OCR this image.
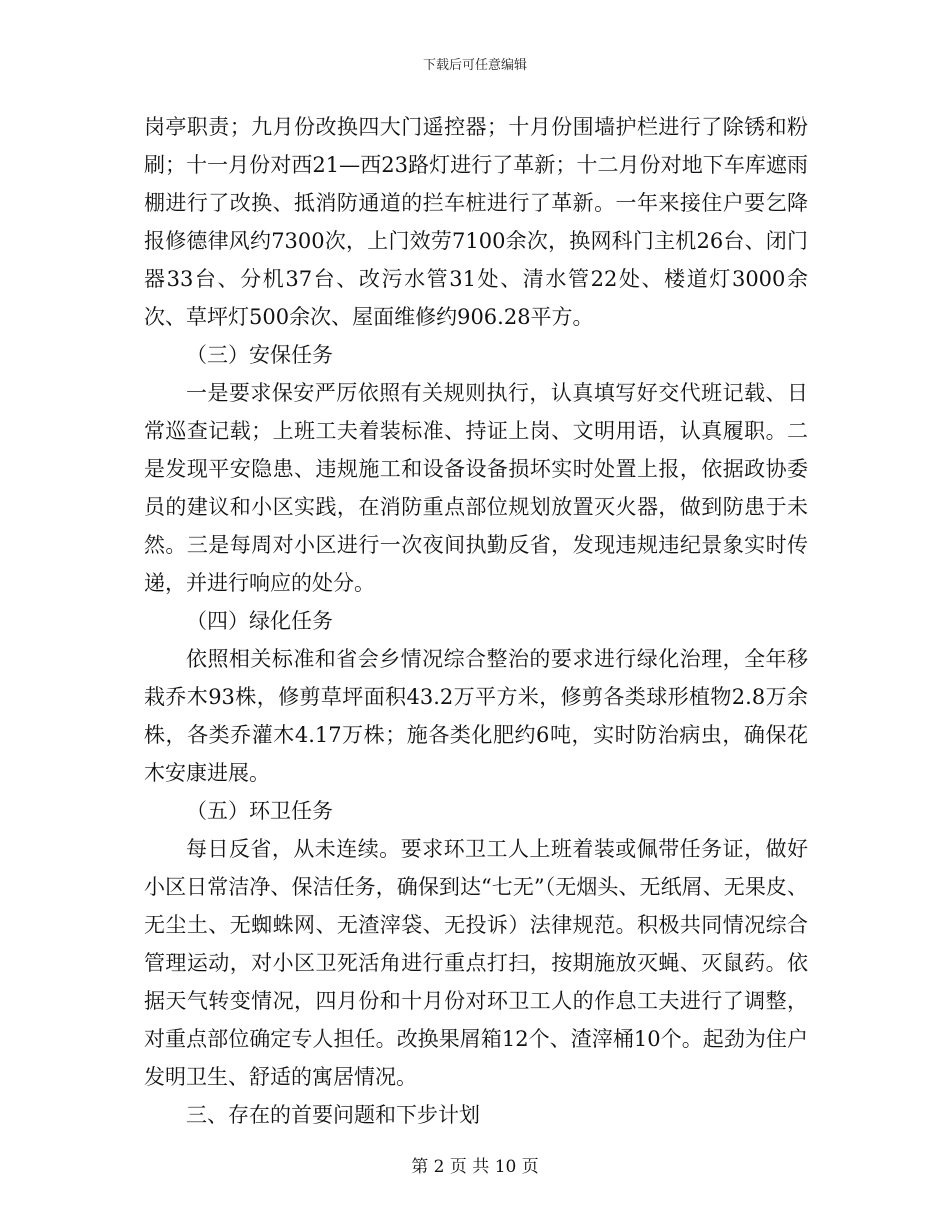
下载后可任意编辑

岗亭职责；九月份改换四大门遥控器；十月份围墙护栏进行了除锈和粉刷；十一月份对西21—西23路灯进行了革新；十二月份对地下车库遮雨棚进行了改换、抵消防通道的拦车桩进行了革新。一年来接住户要乞降报修德律风约7300次，上门效劳7100余次，换网科门主机26台、闭门器33台、分机37台、改污水管31处、清水管22处、楼道灯3000余次、草坪灯500余次、屋面维修约906.28平方。

（三）安保任务

一是要求保安严厉依照有关规则执行，认真填写好交代班记载、日常巡查记载；上班工夫着装标准、持证上岗、文明用语，认真履职。二是发现平安隐患、违规施工和设备设备损坏实时处置上报，依据政协委员的建议和小区实践，在消防重点部位规划放置灭火器，做到防患于未然。三是每周对小区进行一次夜间执勤反省，发现违规违纪景象实时传递，并进行响应的处分。

（四）绿化任务

依照相关标准和省会乡情况综合整治的要求进行绿化治理，全年移栽乔木93株，修剪草坪面积43.2万平方米，修剪各类球形植物2.8万余株，各类乔灌木4.17万株；施各类化肥约6吨，实时防治病虫，确保花木安康进展。

（五）环卫任务

每日反省，从未连续。要求环卫工人上班着装或佩带任务证，做好小区日常洁净、保洁任务，确保到达“七无”（无烟头、无纸屑、无果皮、无尘土、无蜘蛛网、无渣滓袋、无投诉）法律规范。积极共同情况综合管理运动，对小区卫死活角进行重点打扫，按期施放灭蝇、灭鼠药。依据天气转变情况，四月份和十月份对环卫工人的作息工夫进行了调整，对重点部位确定专人担任。改换果屑箱12个、渣滓桶10个。起劲为住户发明卫生、舒适的寓居情况。

三、存在的首要问题和下步计划

第 2 页 共 10 页
